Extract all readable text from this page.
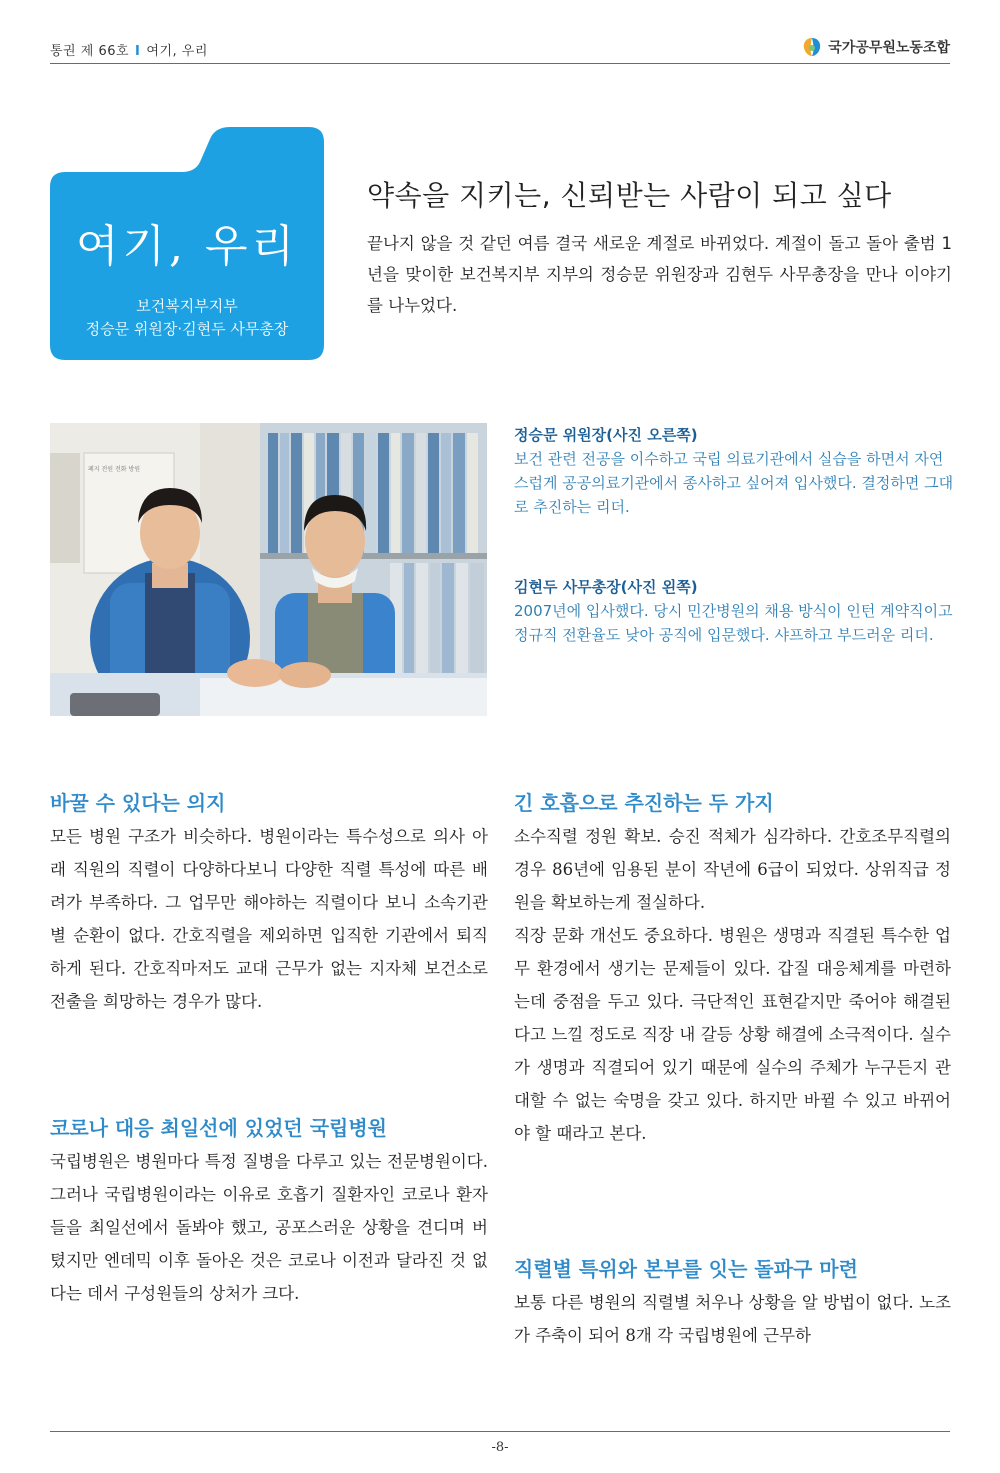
통권 제 66호 I 여기, 우리	국가공무원노동조합
여기, 우리
보건복지부지부
정승문 위원장·김현두 사무총장
약속을 지키는, 신뢰받는 사람이 되고 싶다
끝나지 않을 것 같던 여름 결국 새로운 계절로 바뀌었다. 계절이 돌고 돌아 출범 1년을 맞이한 보건복지부 지부의 정승문 위원장과 김현두 사무총장을 만나 이야기를 나누었다.
폐지 전원 전화 방원
정승문 위원장(사진 오른쪽)
보건 관련 전공을 이수하고 국립 의료기관에서 실습을 하면서 자연스럽게 공공의료기관에서 종사하고 싶어져 입사했다. 결정하면 그대로 추진하는 리더.
김현두 사무총장(사진 왼쪽)
2007년에 입사했다. 당시 민간병원의 채용 방식이 인턴 계약직이고 정규직 전환율도 낮아 공직에 입문했다. 샤프하고 부드러운 리더.
바꿀 수 있다는 의지
모든 병원 구조가 비슷하다. 병원이라는 특수성으로 의사 아래 직원의 직렬이 다양하다보니 다양한 직렬 특성에 따른 배려가 부족하다. 그 업무만 해야하는 직렬이다 보니 소속기관 별 순환이 없다. 간호직렬을 제외하면 입직한 기관에서 퇴직하게 된다. 간호직마저도 교대 근무가 없는 지자체 보건소로 전출을 희망하는 경우가 많다.
코로나 대응 최일선에 있었던 국립병원
국립병원은 병원마다 특정 질병을 다루고 있는 전문병원이다. 그러나 국립병원이라는 이유로 호흡기 질환자인 코로나 환자들을 최일선에서 돌봐야 했고, 공포스러운 상황을 견디며 버텼지만 엔데믹 이후 돌아온 것은 코로나 이전과 달라진 것 없다는 데서 구성원들의 상처가 크다.
긴 호흡으로 추진하는 두 가지
소수직렬 정원 확보. 승진 적체가 심각하다. 간호조무직렬의 경우 86년에 임용된 분이 작년에 6급이 되었다. 상위직급 정원을 확보하는게 절실하다.
직장 문화 개선도 중요하다. 병원은 생명과 직결된 특수한 업무 환경에서 생기는 문제들이 있다. 갑질 대응체계를 마련하는데 중점을 두고 있다. 극단적인 표현같지만 죽어야 해결된다고 느낄 정도로 직장 내 갈등 상황 해결에 소극적이다. 실수가 생명과 직결되어 있기 때문에 실수의 주체가 누구든지 관대할 수 없는 숙명을 갖고 있다. 하지만 바뀔 수 있고 바뀌어야 할 때라고 본다.
직렬별 특위와 본부를 잇는 돌파구 마련
보통 다른 병원의 직렬별 처우나 상황을 알 방법이 없다. 노조가 주축이 되어 8개 각 국립병원에 근무하
-8-
